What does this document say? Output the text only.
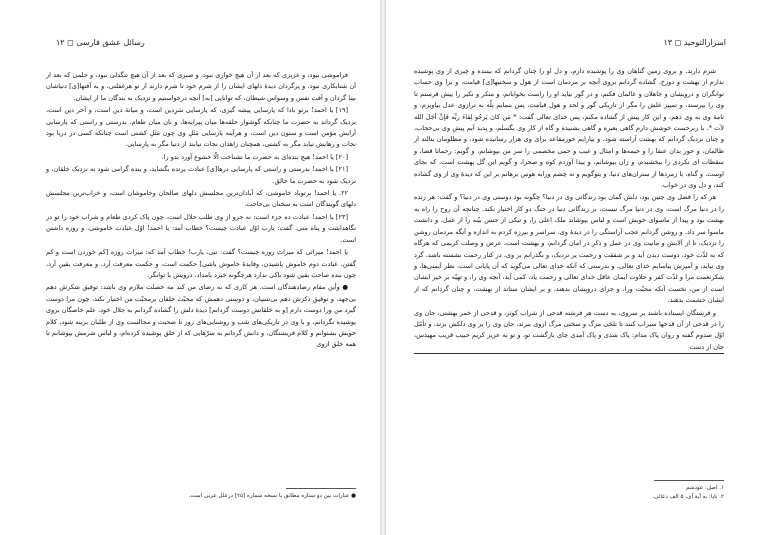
۱۲ ◻ رسائل عشق فارسی

فراموشی نبود، و عزیزی که بعد از آن هیچ خواری نبود، و صبری که بعد از آن هیچ تنگدلی نبود، و حلمی که بعد از آن شتابکاری نبود، و پرگردان دیدهٔ دلهای ایشان را از شرم خود تا شرم دارند از تو هرغفلتی، و به آفتها[ی] دنیاشان بینا گردان و آفت نفس و وسواس شیطان، که توانایی [به] آنچه درخواستیم و نزدیک به بندگان ما از ایشان.

[۱۹] یا احمد! برتو بادا که پارسایی پیشه گیری، که پارسایی سَرِدین است، و میانهٔ دین است، و آخر دین است، نزدیک گرداند به حضرت ما چنانکه گوشوار حلقه‌ها میان پیرایه‌ها، و نان میان طعام. بدرستی و راستی که پارسایی آرایش مؤمن است و ستون دین است، و هرآینه پارسایی مَثَلِ وی چون مَثَلِ کشتی است چنانکه کسی در دریا بود نجات و رهایش نیابد مگر به کشتی، همچنان زاهدان نجات نیابند از دنیا مگر به پارسایی.

[۲۰] یا احمد! هیچ بنده‌ای به حضرت ما نشناخت الّا خشوع آورد بدو را.

[۲۱] یا احمد! بدرستی و راستی که پارسایی درها[ی] عبادت برنده بگشاید، و بنده گرامی شود به نزدیک خلقان، و نزدیک شود به حضرت ما خالق.

۲۲. یا احمد! برتوباد خاموشی، که آبادان‌ترین مجلسش دلهای صالحان وخاموشان است، و خراب‌ترین مجلسش دلهای گویندگان است به سخنان بی‌حاجت.

[۲۳] یا احمد! عبادت ده جزء است: نه جزو از وی طلب حلال است، چون پاک کردی طعام و شراب خود را تو در نگاهداشت و پناه منی. گفت: یارب اوّل عبادت چیست؟ خطاب آمد: یا احمد! اوّل عبادت خاموشی، و روزه داشتن است.

یا احمد! میراثی که میراث روزه چیست؟ گفت: نبی، یارب! خطاب آمد که: میراث روزه [کم خوردن است و کم گفتن. عبادت دوم خاموش باشیدن، وفایدهٔ خاموش باشی] حکمت است، و حکمت معرفت آرد، و معرفت یقین آرد، چون بنده صاحب یقین شود باکی ندارد هرچگونه خیزد بامداد، درویش یا توانگر.

● وأین مقام رضادهندگان است. هر کاری که به رضای من کند مه خصلت ملازم وی باشد: توفیق شکرش دهم بی‌جهد، و توفیق ذکرش دهم بی‌نسیان، و دوستی دهمش که محبّت خلقان برمحبّت من اختیار نکند، چون مرا دوست گیرد من ورا دوست دارم [و به خلقانش دوست گردانم] دیدهٔ دلش را گشاده گردانم به جلال خود، علم خاصگان بروی پوشیده نگردانم، و با وی در تاریکی‌های شب و روشنایی‌های روز تا صحبت و مجالست وی از طلبان برینه شود، کلام خویش بشنوانم و کلام فریشتگان، و دانش گردانم به سرّهایی که از خلق پوشیده کرده‌ام، و لباس شرمش بپوشانم تا همه خلق ازوی

● عبارات بین دو ستاره مطابق با نسخه شماره [۲۵] درعلل عربی است.
اسرارالتوحید ◻ ۱۳

شرم دارند. و بروی زمین گناهان وی را پوشیده دارم، و دل او را چنان گردانم که بیننده و چیزی از وی پوشیده ندارم از بهشت و دوزخ، گشاده گردانم بروی آنچه بر مردمان است از هول و سختیها[ی] قیامت، و برا وی حساب توانگران و درویشان و جاهلان و عالمان فکنم، و در گور بیاید او را راست بخوابانم، و منکر و نکیر را پیش فرستم تا وی را بپرسند، و تمییز غلش را مگر از تاریکی گور و لحد و هول قیامت، پس بنمایم پلّه به ترازوی عدل بیاویزم، و نامهٔ وی به وی دهم، و این کار پیش از گشاده مکنم، پس خدای تعالی گفت: * مَن کانَ یَرجُو لِقاءَ ربِّه فَإنَّ أجَلَ الله لآت *. با زبرحست خوشش دارم گاهی بعیره و گاهی بشنیده و گاه از کار وی بگسلم، و پدید آیم پیش وی بی‌حجاب، و چنان نزدیک گردانم که بهشت آراسته شود، و بیارایم خورمقاعد برای وی هزار رسانیده شود، و مظلومان بنالند از ظالمان، و حور بدان عنقا را و خیمه‌ها و امثال و عیب و حمی مخصمی را سر من بپوشانم، و گویم: رحمانا قضا، و سقطات ای نکردی را ببخشیدم، و زان بپوشانم، و پیدا آوردم کوه و صحرا، و گویم این گل بهشت است، که بجای اوست، و گناه، با زمردها از ستران‌های دنیا، و بتوگویم و نه چشم ورابه هوس برهانم بر این که دیدهٔ وی از وی گشاده کند، و دل وی در خواب.

هر که را فضل وی چنین بود، دلش گمان بود زندگانی وی در دنیا؟ چگونه بود دوستی وی در دنیا؟ و گفت: هر زنده را در دنیا مرگ است، وی در دنیا مرگ نیست، بر زندگانی دنیا در جنگ دو کار اختیار نکند. چنانچه آن روح را راه به بهشت بود و پیدا از ماسوای خویش است و لباس بپوشاند ملک اعلی را، و نیکی از جنس بیّنه را از عمل، و دانشت ماسوا سر داد. و روشن گردانم عجب آراستگی را در دیدهٔ وی. سراسر و بیرزه کردم به اندازه و آنگه مردمان روشن را نزدیک، تا از آلایش و مانیت وی در عمل و ذکر در امان گردانم، و بهشت است، عرض و وصلت کریمی که هرگاه که به لذّت خود، دوست دیدن آید و بر شفقت و رحمت پر نزدیک، و بگذرانم بر وی، در کنار رحمت نشسته باشد، گرد وی نیاید، و آمیزش بیاسایم خدای تعالی، و بدرستی که آنکه خدای تعالی می‌گوید که آن پایانی است، نظر آیمنی‌ها، و شکرنعمت مرا و لذّت کفر و حلاوت ایمان عاقل خدای تعالی و رحمت یاد، کمی آید، آنچه وی را، و تهیّه بر خیر ایشان است از من، نخست آنکه محبّت ورا، و جزای درویشان بدهند، و بر ایشان ستاند از بهشت، و چنان گردانم که از ایشان حشمت بدهند.

و فرشتگان ایستاده باشند بر سروی، به دست هر فرشته قدحی از شراب کوثر، و قدحی از خمر بهشتی، جان وی را در قدحی از آن قدحها سیراب کنند تا تلخی مرگ و سختی مرگ ازوی ببرند، جان وی را بر وی دلکش برند، و تأمّل اوّل صدوم گفته و روان پاک مدام: پاک شدی و پاک آمدی چای بازگشت تو، و تو به عزیز کریم حبیب قریب مهیدس، جان از دست

۱. اصل: عودشم
۲. بایا: به آیة آی، ۵ الف دعائی.
